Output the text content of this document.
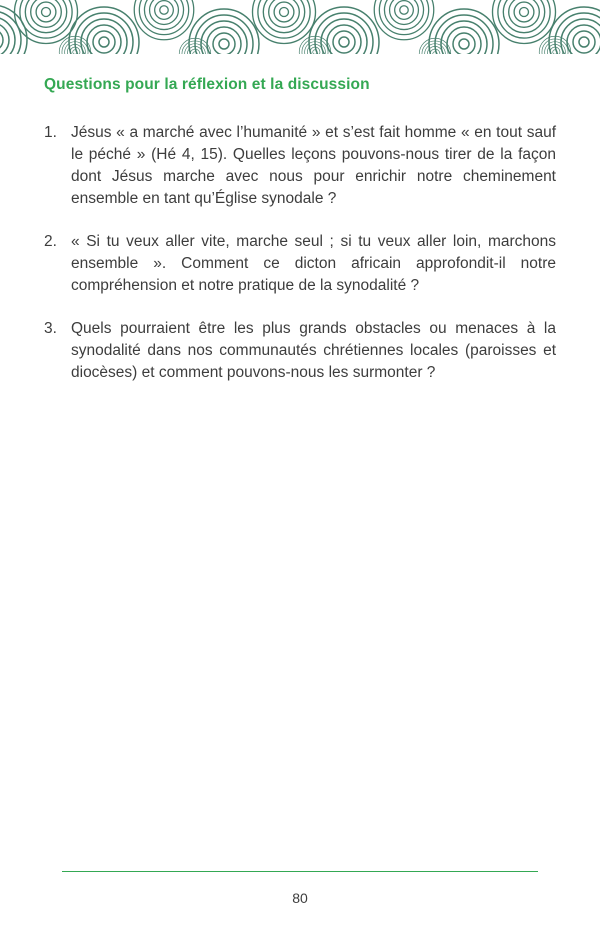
Questions pour la réflexion et la discussion
1. Jésus « a marché avec l’humanité » et s’est fait homme « en tout sauf le péché » (Hé 4, 15). Quelles leçons pouvons-nous tirer de la façon dont Jésus marche avec nous pour enrichir notre cheminement ensemble en tant qu’Église synodale ?
2. « Si tu veux aller vite, marche seul ; si tu veux aller loin, marchons ensemble ». Comment ce dicton africain approfondit-il notre compréhension et notre pratique de la synodalité ?
3. Quels pourraient être les plus grands obstacles ou menaces à la synodalité dans nos communautés chrétiennes locales (paroisses et diocèses) et comment pouvons-nous les surmonter ?
80
